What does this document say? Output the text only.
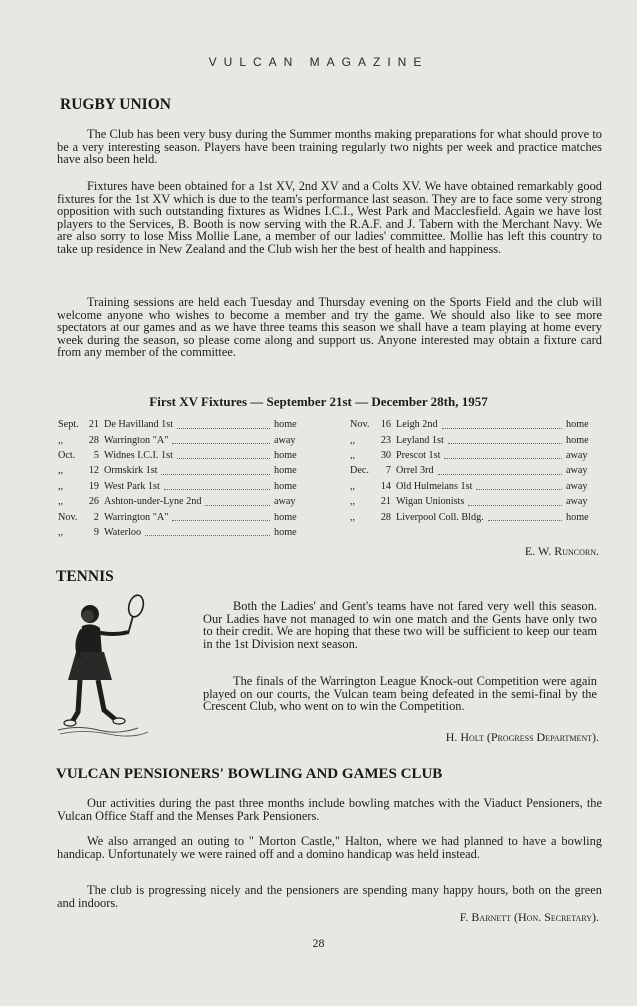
VULCAN MAGAZINE
RUGBY UNION

The Club has been very busy during the Summer months making preparations for what should prove to be a very interesting season. Players have been training regularly two nights per week and practice matches have also been held.

Fixtures have been obtained for a 1st XV, 2nd XV and a Colts XV. We have obtained remarkably good fixtures for the 1st XV which is due to the team's performance last season. They are to face some very strong opposition with such outstanding fixtures as Widnes I.C.I., West Park and Macclesfield. Again we have lost players to the Services, B. Booth is now serving with the R.A.F. and J. Tabern with the Merchant Navy. We are also sorry to lose Miss Mollie Lane, a member of our ladies' committee. Mollie has left this country to take up residence in New Zealand and the Club wish her the best of health and happiness.

Training sessions are held each Tuesday and Thursday evening on the Sports Field and the club will welcome anyone who wishes to become a member and try the game. We should also like to see more spectators at our games and as we have three teams this season we shall have a team playing at home every week during the season, so please come along and support us. Anyone interested may obtain a fixture card from any member of the committee.

First XV Fixtures — September 21st — December 28th, 1957
Sept. 21 De Havilland 1st	home
,,	28 Warrington "A"	away
Oct.	5 Widnes I.C.I. 1st	home
,,	12 Ormskirk 1st	home
,,	19 West Park 1st	home
,,	26 Ashton-under-Lyne 2nd	away
Nov.	2 Warrington "A"	home
,,	9 Waterloo	home
Nov.	16 Leigh 2nd	home
,,	23 Leyland 1st	home
,,	30 Prescot 1st	away
Dec.	7 Orrel 3rd	away
,,	14 Old Hulmeians 1st	away
,,	21 Wigan Unionists	away
,,	28 Liverpool Coll. Bldg.	home
E. W. Runcorn.
TENNIS

Both the Ladies' and Gent's teams have not fared very well this season. Our Ladies have not managed to win one match and the Gents have only two to their credit. We are hoping that these two will be sufficient to keep our team in the 1st Division next season.

The finals of the Warrington League Knock-out Competition were again played on our courts, the Vulcan team being defeated in the semi-final by the Crescent Club, who went on to win the Competition.

H. Holt (Progress Department).
VULCAN PENSIONERS' BOWLING AND GAMES CLUB

Our activities during the past three months include bowling matches with the Viaduct Pensioners, the Vulcan Office Staff and the Menses Park Pensioners.

We also arranged an outing to " Morton Castle," Halton, where we had planned to have a bowling handicap. Unfortunately we were rained off and a domino handicap was held instead.

The club is progressing nicely and the pensioners are spending many happy hours, both on the green and indoors.

F. Barnett (Hon. Secretary).
28
